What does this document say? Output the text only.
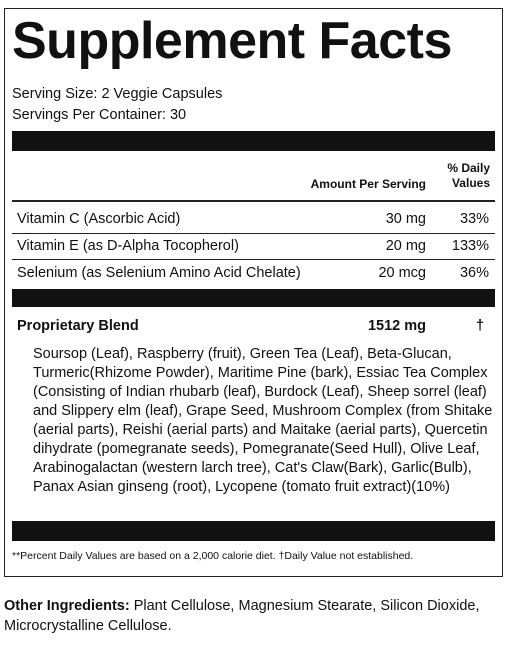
Supplement Facts
Serving Size: 2 Veggie Capsules
Servings Per Container: 30
% Daily
Values
Amount Per Serving
Vitamin C (Ascorbic Acid)	30 mg	33%
Vitamin E (as D-Alpha Tocopherol)	20 mg	133%
Selenium (as Selenium Amino Acid Chelate)	20 mcg	36%
Proprietary Blend	1512 mg	†
Soursop (Leaf), Raspberry (fruit), Green Tea (Leaf), Beta-Glucan, Turmeric(Rhizome Powder), Maritime Pine (bark), Essiac Tea Complex (Consisting of Indian rhubarb (leaf), Burdock (Leaf), Sheep sorrel (leaf) and Slippery elm (leaf), Grape Seed, Mushroom Complex (from Shitake (aerial parts), Reishi (aerial parts) and Maitake (aerial parts), Quercetin dihydrate (pomegranate seeds), Pomegranate(Seed Hull), Olive Leaf, Arabinogalactan (western larch tree), Cat's Claw(Bark), Garlic(Bulb), Panax Asian ginseng (root), Lycopene (tomato fruit extract)(10%)
**Percent Daily Values are based on a 2,000 calorie diet. †Daily Value not established.
Other Ingredients: Plant Cellulose, Magnesium Stearate, Silicon Dioxide, Microcrystalline Cellulose.
